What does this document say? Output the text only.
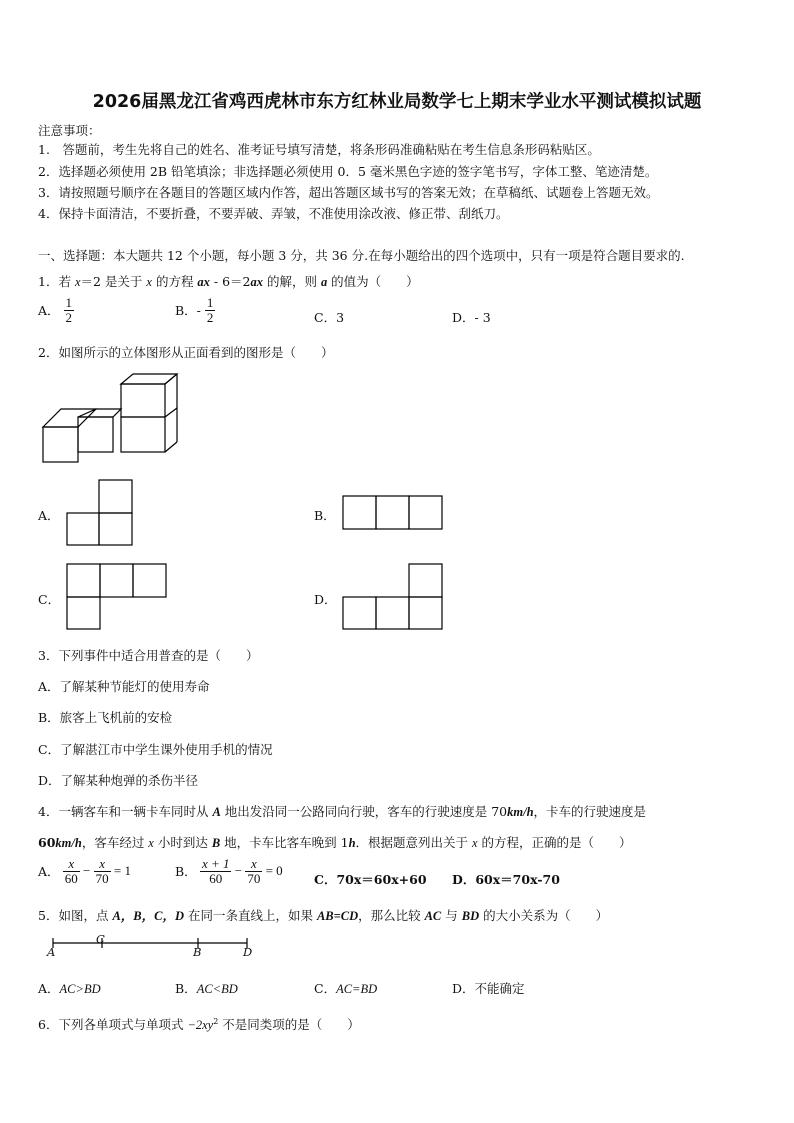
2026届黑龙江省鸡西虎林市东方红林业局数学七上期末学业水平测试模拟试题
注意事项：
1.　答题前，考生先将自己的姓名、准考证号填写清楚，将条形码准确粘贴在考生信息条形码粘贴区。
2．选择题必须使用 2B 铅笔填涂；非选择题必须使用 0．5 毫米黑色字迹的签字笔书写，字体工整、笔迹清楚。
3．请按照题号顺序在各题目的答题区域内作答，超出答题区域书写的答案无效；在草稿纸、试题卷上答题无效。
4．保持卡面清洁，不要折叠，不要弄破、弄皱，不准使用涂改液、修正带、刮纸刀。
一、选择题：本大题共 12 个小题，每小题 3 分，共 36 分.在每小题给出的四个选项中，只有一项是符合题目要求的.
1．若 x＝2 是关于 x 的方程 ax - 6＝2ax 的解，则 a 的值为（　　）
A． $\frac{1}{2}$	B．- $\frac{1}{2}$	C．3	D．- 3
2．如图所示的立体图形从正面看到的图形是（　　）
A．	B．
C．	D．
3．下列事件中适合用普查的是（　　）
A．了解某种节能灯的使用寿命
B．旅客上飞机前的安检
C．了解湛江市中学生课外使用手机的情况
D．了解某种炮弹的杀伤半径
4．一辆客车和一辆卡车同时从 A 地出发沿同一公路同向行驶，客车的行驶速度是 70km/h，卡车的行驶速度是
60km/h，客车经过 x 小时到达 B 地，卡车比客车晚到 1h．根据题意列出关于 x 的方程，正确的是（　　）
A． $\frac{x}{60} - \frac{x}{70} = 1$	B． $\frac{x + 1}{60} - \frac{x}{70} = 0$
C．70x＝60x+60 D．60x＝70x-70
5．如图，点 A，B，C，D 在同一条直线上，如果 AB=CD，那么比较 AC 与 BD 的大小关系为（　　）
A
C
B	D
A．AC>BD	B．AC<BD	C．AC=BD	D．不能确定
6．下列各单项式与单项式 $-2xy^2$ 不是同类项的是（　　）
